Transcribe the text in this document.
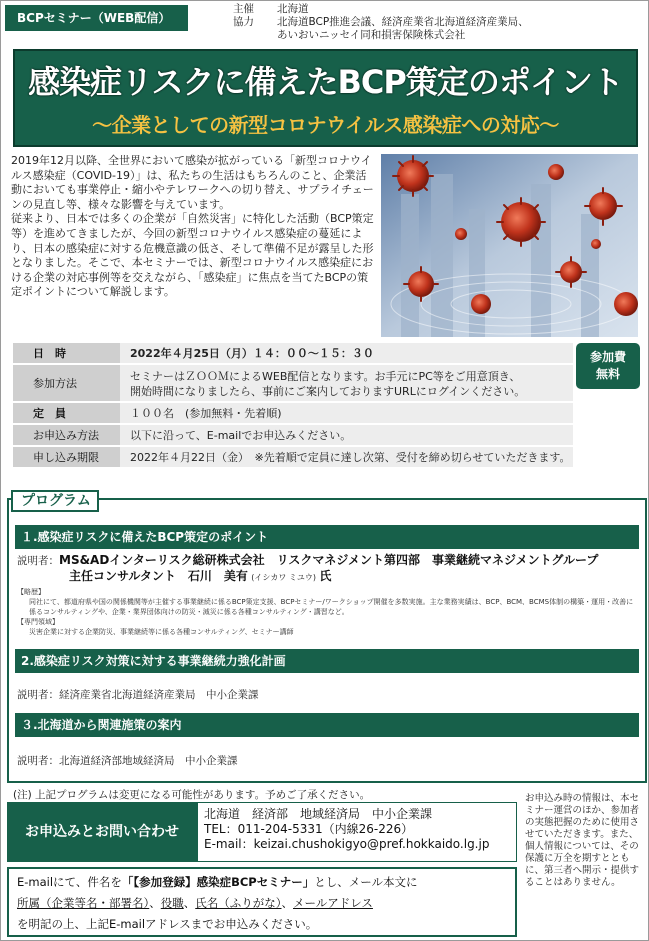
BCPセミナー（WEB配信）
主催	北海道
協力	北海道BCP推進会議、経済産業省北海道経済産業局、
あいおいニッセイ同和損害保険株式会社
感染症リスクに備えたBCP策定のポイント
～企業としての新型コロナウイルス感染症への対応～

2019年12月以降、全世界において感染が拡がっている「新型コロナウイルス感染症（COVID-19）」は、私たちの生活はもちろんのこと、企業活動においても事業停止・縮小やテレワークへの切り替え、サプライチェーンの見直し等、様々な影響を与えています。

従来より、日本では多くの企業が「自然災害」に特化した活動（BCP策定等）を進めてきましたが、今回の新型コロナウイルス感染症の蔓延により、日本の感染症に対する危機意識の低さ、そして準備不足が露呈した形となりました。そこで、本セミナーでは、新型コロナウイルス感染症における企業の対応事例等を交えながら、「感染症」に焦点を当てたBCPの策定ポイントについて解説します。

日　時	2022年４月25日（月）１４：００～１５：３０
参加方法
セミナーはＺＯＯＭによるWEB配信となります。お手元にPC等をご用意頂き、
開始時間になりましたら、事前にご案内しておりますURLにログインください。
定　員	１００名　(参加無料・先着順)
お申込み方法	以下に沿って、E-mailでお申込みください。
申し込み期限	2022年４月22日（金）　※先着順で定員に達し次第、受付を締め切らせていただきます。
参加費
無料
プログラム
１.感染症リスクに備えたBCP策定のポイント
説明者：MS&ADインターリスク総研株式会社　リスクマネジメント第四部　事業継続マネジメントグループ
主任コンサルタント　石川　美有 (イシカワ ミユウ) 氏
【略歴】
同社にて、都道府県や国の関係機関等が主催する事業継続に係るBCP策定支援、BCPセミナー/ワークショップ開催を多数実施。主な業務実績は、BCP、BCM、BCMS体制の構築・運用・改善に係るコンサルティングや、企業・業界団体向けの防災・減災に係る各種コンサルティング・講習など。
【専門領域】
災害企業に対する企業防災、事業継続等に係る各種コンサルティング、セミナー講師
2.感染症リスク対策に対する事業継続力強化計画
説明者：経済産業省北海道経済産業局　中小企業課
３.北海道から関連施策の案内
説明者：北海道経済部地域経済局　中小企業課
(注) 上記プログラムは変更になる可能性があります。予めご了承ください。
お申込みとお問い合わせ
北海道　経済部　地域経済局　中小企業課
TEL：011-204-5331（内線26-226）
E-mail：keizai.chushokigyo@pref.hokkaido.lg.jp
お申込み時の情報は、本セミナー運営のほか、参加者の実態把握のために使用させていただきます。また、個人情報については、その保護に万全を期すとともに、第三者へ開示・提供することはありません。
E-mailにて、件名を「【参加登録】感染症BCPセミナー」とし、メール本文に
所属（企業等名・部署名）、役職、氏名（ふりがな）、メールアドレス
を明記の上、上記E-mailアドレスまでお申込みください。
